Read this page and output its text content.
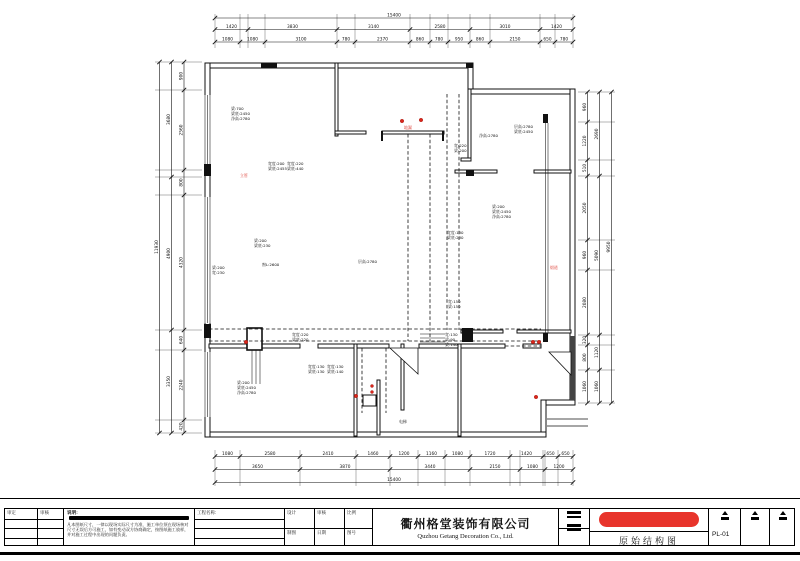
15400
1420	3830	3140	2580	3010	1420
1080	1080	3100	780	2370	860	780	950	860	2150	650 780
1080	2580	2410	1460	1200	1160	1080	1720	1420	650 650
3650	3870	3440	2150	1080	1200
15400
11930
3680
4900
3350
900
2560
800
4320
640
2240
420
960
1220
510
2050
960
2080
320
800
1060
2690
5090
1120
1060
9950
梁:700 梁底:2450 净高:2780
梁:200 梁底:2450 净高:2780
梁:200 梁底:2450 净高:2780
层高:2780
净高:2780
层高:2780 梁底:2450
宽度:200 梁底:2455
宽度:220 梁底:440
宽度:220 梁底:220
宽度:130 梁底:130
宽度:130 梁底:140
宽度:130 梁底:230
宽:220 梁:200
宽:150 梁:150
宽:130 梁:90 梁:140
梁:200 宽:230
梁:200 梁底:230
窗L:2600
电梯
地漏
立管
烟道
审定	审核	说明:
凡本图纸尺寸，一律以现场实际尺寸为准，施工单位须在现场核对
尺寸无误后方可施工，如有变动双方协商确定，按图纸施工放样，
并对施工过程中出现的问题负责。
工程名称:	设计
制图
审核
日期
比例
图号
衢州格堂装饰有限公司
Quzhou Getang Decoration Co., Ltd.	原始结构图
PL-01
